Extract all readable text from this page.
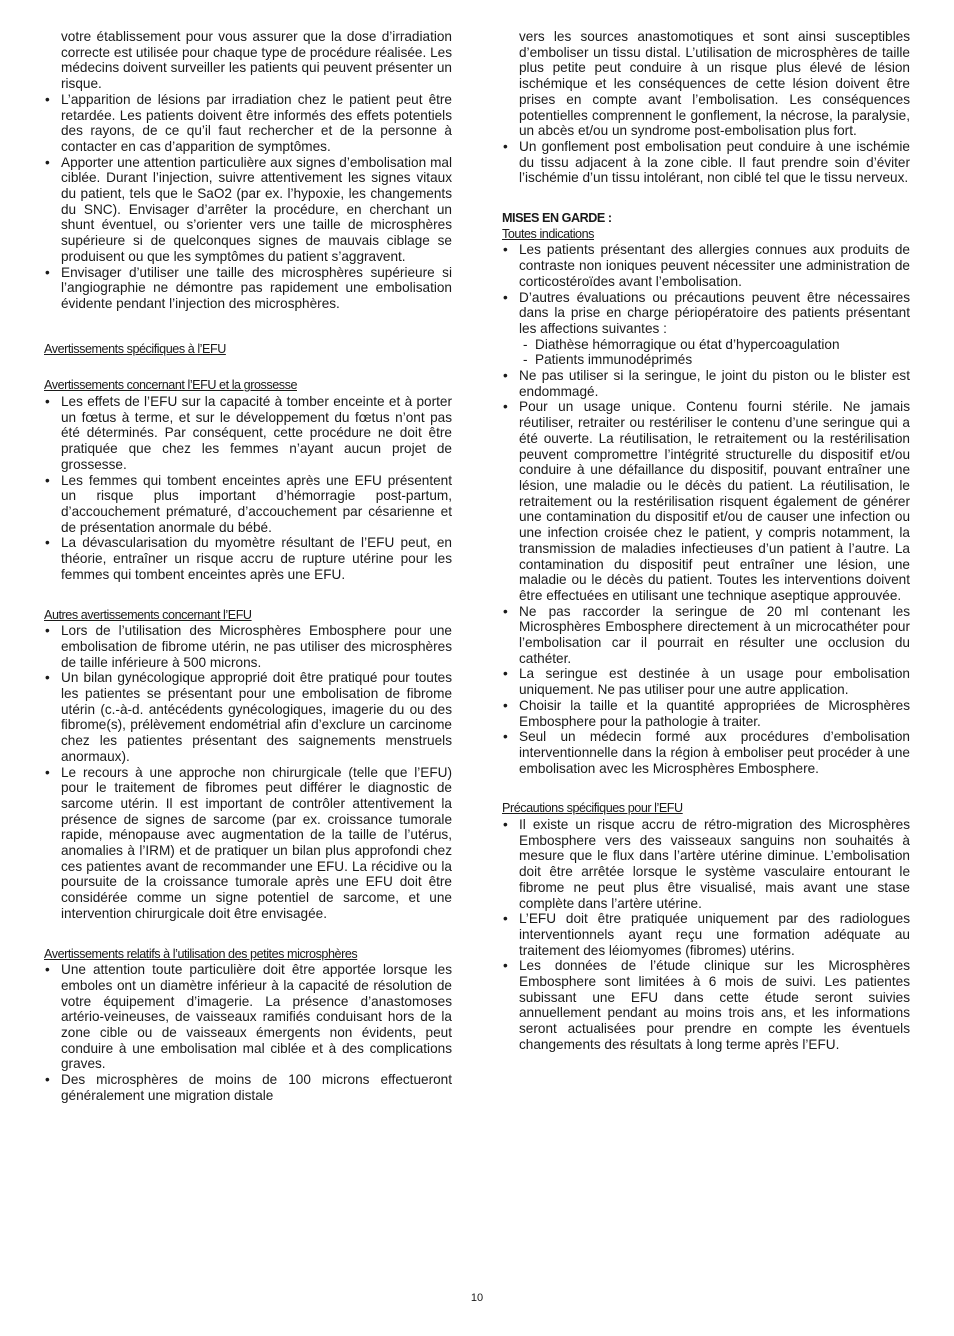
votre établissement pour vous assurer que la dose d’irradiation correcte est utilisée pour chaque type de procédure réalisée. Les médecins doivent surveiller les patients qui peuvent présenter un risque.

• L’apparition de lésions par irradiation chez le patient peut être retardée. Les patients doivent être informés des effets potentiels des rayons, de ce qu’il faut rechercher et de la personne à contacter en cas d’apparition de symptômes.
• Apporter une attention particulière aux signes d’embolisation mal ciblée. Durant l’injection, suivre attentivement les signes vitaux du patient, tels que le SaO2 (par ex. l’hypoxie, les changements du SNC). Envisager d’arrêter la procédure, en cherchant un shunt éventuel, ou s’orienter vers une taille de microsphères supérieure si de quelconques signes de mauvais ciblage se produisent ou que les symptômes du patient s’aggravent.
• Envisager d’utiliser une taille des microsphères supérieure si l’angiographie ne démontre pas rapidement une embolisation évidente pendant l’injection des microsphères.
Avertissements spécifiques à l’EFU
Avertissements concernant l’EFU et la grossesse
• Les effets de l’EFU sur la capacité à tomber enceinte et à porter un fœtus à terme, et sur le développement du fœtus n’ont pas été déterminés. Par conséquent, cette procédure ne doit être pratiquée que chez les femmes n’ayant aucun projet de grossesse.
• Les femmes qui tombent enceintes après une EFU présentent un risque plus important d’hémorragie post-partum, d’accouchement prématuré, d’accouchement par césarienne et de présentation anormale du bébé.
• La dévascularisation du myomètre résultant de l’EFU peut, en théorie, entraîner un risque accru de rupture utérine pour les femmes qui tombent enceintes après une EFU.
Autres avertissements concernant l’EFU
• Lors de l’utilisation des Microsphères Embosphere pour une embolisation de fibrome utérin, ne pas utiliser des microsphères de taille inférieure à 500 microns.
• Un bilan gynécologique approprié doit être pratiqué pour toutes les patientes se présentant pour une embolisation de fibrome utérin (c.-à-d. antécédents gynécologiques, imagerie du ou des fibrome(s), prélèvement endométrial afin d’exclure un carcinome chez les patientes présentant des saignements menstruels anormaux).
• Le recours à une approche non chirurgicale (telle que l’EFU) pour le traitement de fibromes peut différer le diagnostic de sarcome utérin. Il est important de contrôler attentivement la présence de signes de sarcome (par ex. croissance tumorale rapide, ménopause avec augmentation de la taille de l’utérus, anomalies à l’IRM) et de pratiquer un bilan plus approfondi chez ces patientes avant de recommander une EFU. La récidive ou la poursuite de la croissance tumorale après une EFU doit être considérée comme un signe potentiel de sarcome, et une intervention chirurgicale doit être envisagée.
Avertissements relatifs à l’utilisation des petites microsphères
• Une attention toute particulière doit être apportée lorsque les emboles ont un diamètre inférieur à la capacité de résolution de votre équipement d’imagerie. La présence d’anastomoses artério-veineuses, de vaisseaux ramifiés conduisant hors de la zone cible ou de vaisseaux émergents non évidents, peut conduire à une embolisation mal ciblée et à des complications graves.
• Des microsphères de moins de 100 microns effectueront généralement une migration distale

vers les sources anastomotiques et sont ainsi susceptibles d’emboliser un tissu distal. L’utilisation de microsphères de taille plus petite peut conduire à un risque plus élevé de lésion ischémique et les conséquences de cette lésion doivent être prises en compte avant l’embolisation. Les conséquences potentielles comprennent le gonflement, la nécrose, la paralysie, un abcès et/ou un syndrome post-embolisation plus fort.

• Un gonflement post embolisation peut conduire à une ischémie du tissu adjacent à la zone cible. Il faut prendre soin d’éviter l’ischémie d’un tissu intolérant, non ciblé tel que le tissu nerveux.
MISES EN GARDE :
Toutes indications
• Les patients présentant des allergies connues aux produits de contraste non ioniques peuvent nécessiter une administration de corticostéroïdes avant l’embolisation.
• D’autres évaluations ou précautions peuvent être nécessaires dans la prise en charge périopératoire des patients présentant les affections suivantes :
- Diathèse hémorragique ou état d’hypercoagulation
- Patients immunodéprimés
• Ne pas utiliser si la seringue, le joint du piston ou le blister est endommagé.
• Pour un usage unique. Contenu fourni stérile. Ne jamais réutiliser, retraiter ou restériliser le contenu d’une seringue qui a été ouverte. La réutilisation, le retraitement ou la restérilisation peuvent compromettre l’intégrité structurelle du dispositif et/ou conduire à une défaillance du dispositif, pouvant entraîner une lésion, une maladie ou le décès du patient. La réutilisation, le retraitement ou la restérilisation risquent également de générer une contamination du dispositif et/ou de causer une infection ou une infection croisée chez le patient, y compris notamment, la transmission de maladies infectieuses d’un patient à l’autre. La contamination du dispositif peut entraîner une lésion, une maladie ou le décès du patient. Toutes les interventions doivent être effectuées en utilisant une technique aseptique approuvée.
• Ne pas raccorder la seringue de 20 ml contenant les Microsphères Embosphere directement à un microcathéter pour l’embolisation car il pourrait en résulter une occlusion du cathéter.
• La seringue est destinée à un usage pour embolisation uniquement. Ne pas utiliser pour une autre application.
• Choisir la taille et la quantité appropriées de Microsphères Embosphere pour la pathologie à traiter.
• Seul un médecin formé aux procédures d’embolisation interventionnelle dans la région à emboliser peut procéder à une embolisation avec les Microsphères Embosphere.
Précautions spécifiques pour l’EFU
• Il existe un risque accru de rétro-migration des Microsphères Embosphere vers des vaisseaux sanguins non souhaités à mesure que le flux dans l’artère utérine diminue. L’embolisation doit être arrêtée lorsque le système vasculaire entourant le fibrome ne peut plus être visualisé, mais avant une stase complète dans l’artère utérine.
• L’EFU doit être pratiquée uniquement par des radiologues interventionnels ayant reçu une formation adéquate au traitement des léiomyomes (fibromes) utérins.
• Les données de l’étude clinique sur les Microsphères Embosphere sont limitées à 6 mois de suivi. Les patientes subissant une EFU dans cette étude seront suivies annuellement pendant au moins trois ans, et les informations seront actualisées pour prendre en compte les éventuels changements des résultats à long terme après l’EFU.
10
